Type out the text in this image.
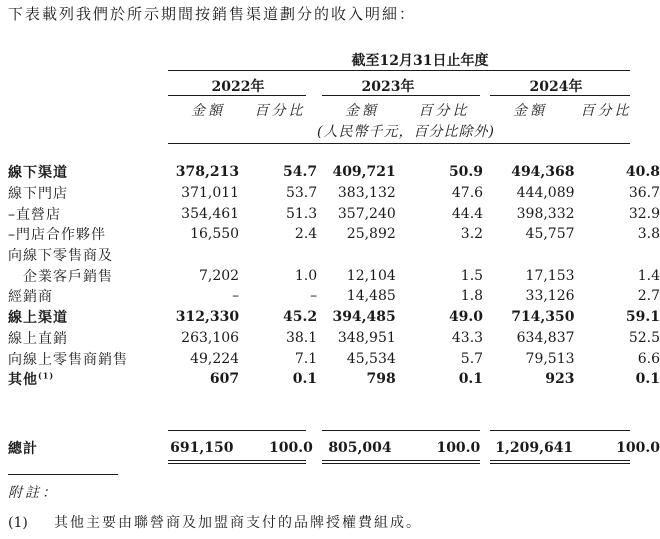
下表載列我們於所示期間按銷售渠道劃分的收入明細：
截至12月31日止年度
2022年	2023年	2024年
金額	百分比	金額	百分比	金額	百分比
(人民幣千元，百分比除外)
線下渠道	378,213	54.7	409,721	50.9	494,368	40.8
線下門店	371,011	53.7	383,132	47.6	444,089	36.7
–直營店	354,461	51.3	357,240	44.4	398,332	32.9
–門店合作夥伴	16,550	2.4	25,892	3.2	45,757	3.8
向線下零售商及						
　企業客戶銷售	7,202	1.0	12,104	1.5	17,153	1.4
經銷商	–	–	14,485	1.8	33,126	2.7
線上渠道	312,330	45.2	394,485	49.0	714,350	59.1
線上直銷	263,106	38.1	348,951	43.3	634,837	52.5
向線上零售商銷售	49,224	7.1	45,534	5.7	79,513	6.6
其他$^{(1)}$	607	0.1	798	0.1	923	0.1
總計	691,150	100.0	805,004	100.0	1,209,641	100.0
附註：
(1) 其他主要由聯營商及加盟商支付的品牌授權費組成。
